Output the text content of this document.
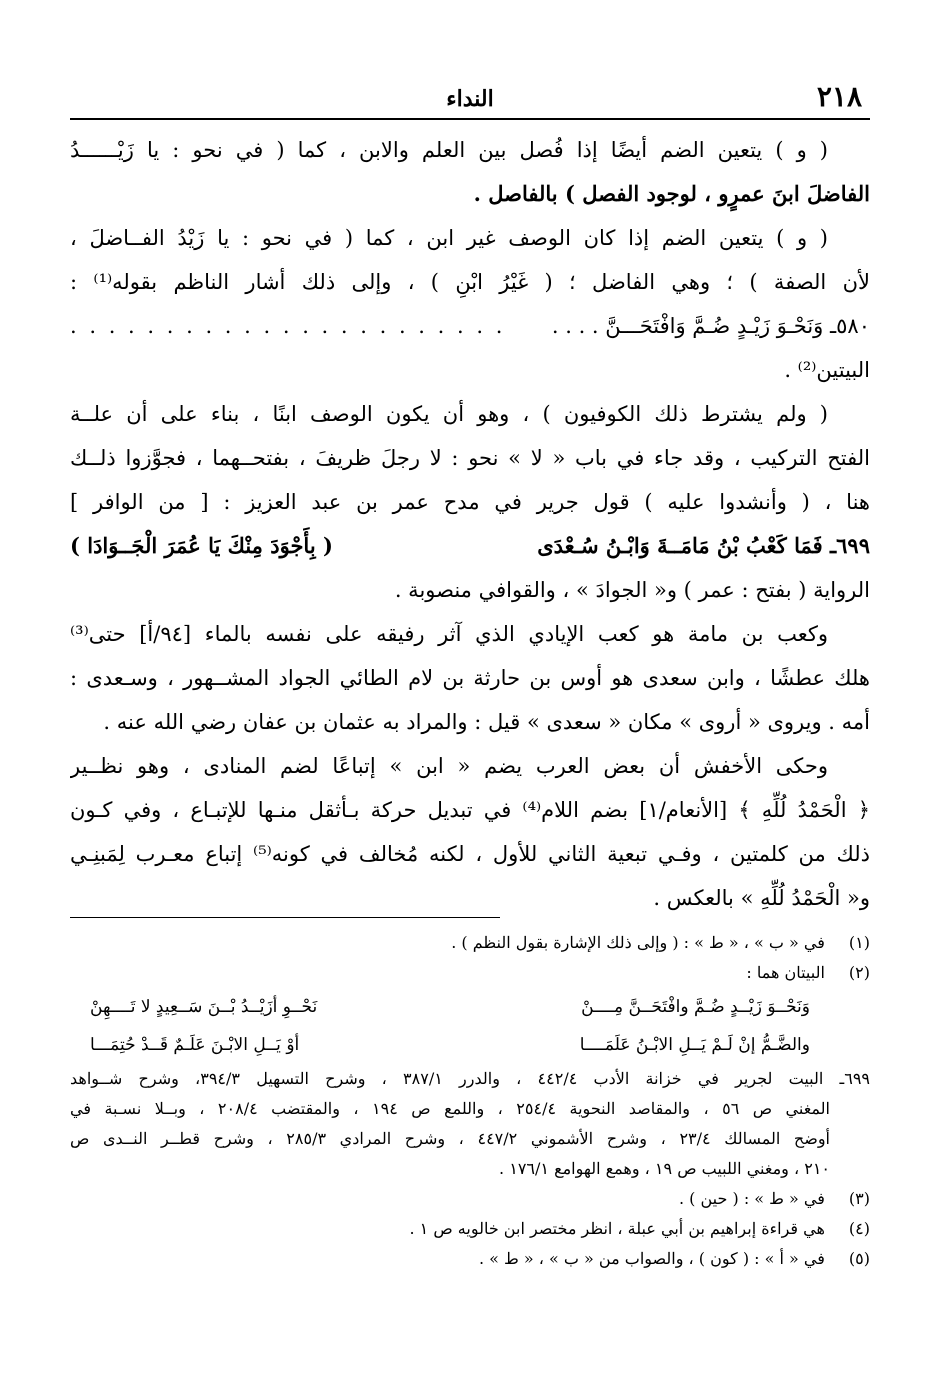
٢١٨
النداء
( و ) يتعين الضم أيضًا إذا فُصل بين العلم والابن ، كما ( في نحو : يا زَيْــــــدُ
الفاضلَ ابنَ عمرٍو ، لوجود الفصل ) بالفاصل .
( و ) يتعين الضم إذا كان الوصف غير ابن ، كما ( في نحو : يا زَيْدُ الفــاضلَ ،
لأن الصفة ) ؛ وهي الفاضل ؛ ( غَيْرُ ابْنِ ) ، وإلى ذلك أشار الناظم بقوله⁽¹⁾ :
٥٨٠ـ وَنَحْـوَ زَيْـدٍ ضُـمَّ وَافْتَحَـــنَّ . . . .
. . . . . . . . . . . . . . . . . . . . . . .
البيتين⁽²⁾ .
( ولم يشترط ذلك الكوفيون ) ، وهو أن يكون الوصف ابنًا ، بناء على أن علــة
الفتح التركيب ، وقد جاء في باب « لا » نحو : لا رجلَ ظريفَ ، بفتحــهما ، فجوَّزوا ذلــك
هنا ، ( وأنشدوا عليه ) قول جرير في مدح عمر بن عبد العزيز : [ من الوافر ]
٦٩٩ـ فَمَا كَعْبُ بْنُ مَامَــةَ وَابْـنُ سُـعْدَى
( بِأَجْوَدَ مِنْكَ يَا عُمَرَ الْجَــوَادَا )
الرواية ( بفتح : عمر ) و« الجوادَ » ، والقوافي منصوبة .
وكعب بن مامة هو كعب الإيادي الذي آثر رفيقه على نفسه بالماء [٩٤/أ] حتى⁽³⁾
هلك عطشًا ، وابن سعدى هو أوس بن حارثة بن لام الطائي الجواد المشــهور ، وسـعدى :
أمه . ويروى « أروى » مكان « سعدى » قيل : والمراد به عثمان بن عفان رضي الله عنه .
وحكى الأخفش أن بعض العرب يضم « ابن » إتباعًا لضم المنادى ، وهو نظــير
﴿ الْحَمْدُ لُلِّهِ ﴾ [الأنعام/١] بضم اللام⁽⁴⁾ في تبديل حركة بـأثقل منـها للإتبـاع ، وفي كـون
ذلك من كلمتين ، وفـي تبعية الثاني للأول ، لكنه مُخالف في كونه⁽⁵⁾ إتباع معـرب لِمَبنِـي
و« الْحَمْدُ لُلِّهِ » بالعكس .
(١) في « ب » ، « ط » : ( وإلى ذلك الإشارة بقول النظم ) .
(٢) البيتان هما :
وَنَحْــوَ زَيْــدٍ ضُـمَّ وافْتَحَــنَّ مِــــنْ
نَحْــوِ أزَيْــدُ بْــنَ سَــعِيدٍ لا تَــــهِنْ
والضَّـمُّ إنْ لَـمْ يَــلِ الابْـنُ عَلَمَــــا
أوْ يَــلِ الابْـنَ عَلَـمٌ قَــدْ حُتِمَـــا
٦٩٩ـ البيت لجرير في خزانة الأدب ٤٤٢/٤ ، والدرر ٣٨٧/١ ، وشرح التسهيل ٣٩٤/٣، وشرح شــواهد
المغني ص ٥٦ ، والمقاصد النحوية ٢٥٤/٤ ، واللمع ص ١٩٤ ، والمقتضب ٢٠٨/٤ ، وبــلا نسـبة في
أوضح المسالك ٢٣/٤ ، وشرح الأشموني ٤٤٧/٢ ، وشرح المرادي ٢٨٥/٣ ، وشرح قطــر النــدى ص
٢١٠ ، ومغني اللبيب ص ١٩ ، وهمع الهوامع ١٧٦/١ .
(٣) في « ط » : ( حين ) .
(٤) هي قراءة إبراهيم بن أبي عبلة ، انظر مختصر ابن خالويه ص ١ .
(٥) في « أ » : ( كون ) ، والصواب من « ب » ، « ط » .
